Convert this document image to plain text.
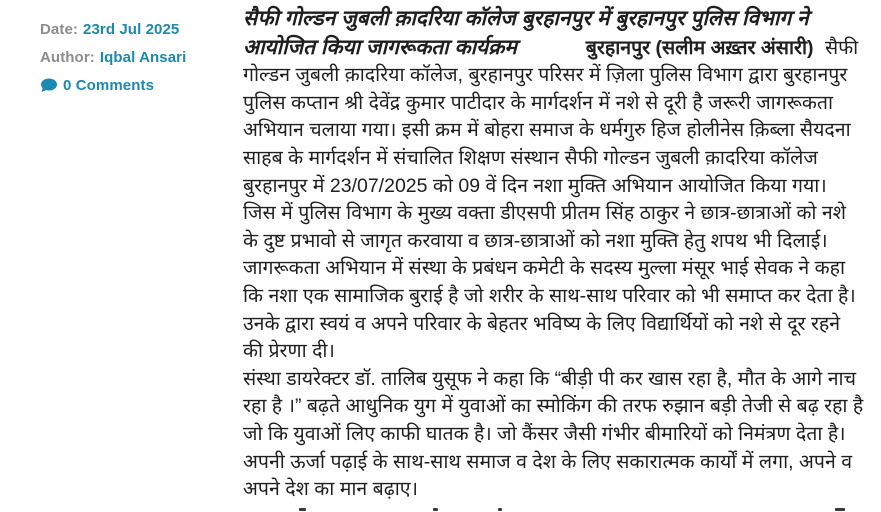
Date: 23rd Jul 2025
Author: Iqbal Ansari
0 Comments

सैफी गोल्डन जुबली क़ादरिया कॉलेज बुरहानपुर में बुरहानपुर पुलिस विभाग ने आयोजित किया जागरूकता कार्यक्रम	बुरहानपुर (सलीम अख़्तर अंसारी) सैफी गोल्डन जुबली क़ादरिया कॉलेज, बुरहानपुर परिसर में ज़िला पुलिस विभाग द्वारा बुरहानपुर पुलिस कप्तान श्री देवेंद्र कुमार पाटीदार के मार्गदर्शन में नशे से दूरी है जरूरी जागरूकता अभियान चलाया गया। इसी क्रम में बोहरा समाज के धर्मगुरु हिज होलीनेस क़िब्ला सैयदना साहब के मार्गदर्शन में संचालित शिक्षण संस्थान सैफी गोल्डन जुबली क़ादरिया कॉलेज बुरहानपुर में 23/07/2025 को 09 वें दिन नशा मुक्ति अभियान आयोजित किया गया। जिस में पुलिस विभाग के मुख्य वक्ता डीएसपी प्रीतम सिंह ठाकुर ने छात्र-छात्राओं को नशे के दुष्ट प्रभावो से जागृत करवाया व छात्र-छात्राओं को नशा मुक्ति हेतु शपथ भी दिलाई।

जागरूकता अभियान में संस्था के प्रबंधन कमेटी के सदस्य मुल्ला मंसूर भाई सेवक ने कहा कि नशा एक सामाजिक बुराई है जो शरीर के साथ-साथ परिवार को भी समाप्त कर देता है। उनके द्वारा स्वयं व अपने परिवार के बेहतर भविष्य के लिए विद्यार्थियों को नशे से दूर रहने की प्रेरणा दी।

संस्था डायरेक्टर डॉ. तालिब युसूफ ने कहा कि “बीड़ी पी कर खास रहा है, मौत के आगे नाच रहा है ।” बढ़ते आधुनिक युग में युवाओं का स्मोकिंग की तरफ रुझान बड़ी तेजी से बढ़ रहा है जो कि युवाओं लिए काफी घातक है। जो कैंसर जैसी गंभीर बीमारियों को निमंत्रण देता है। अपनी ऊर्जा पढ़ाई के साथ-साथ समाज व देश के लिए सकारात्मक कार्यों में लगा, अपने व अपने देश का मान बढ़ाए।
